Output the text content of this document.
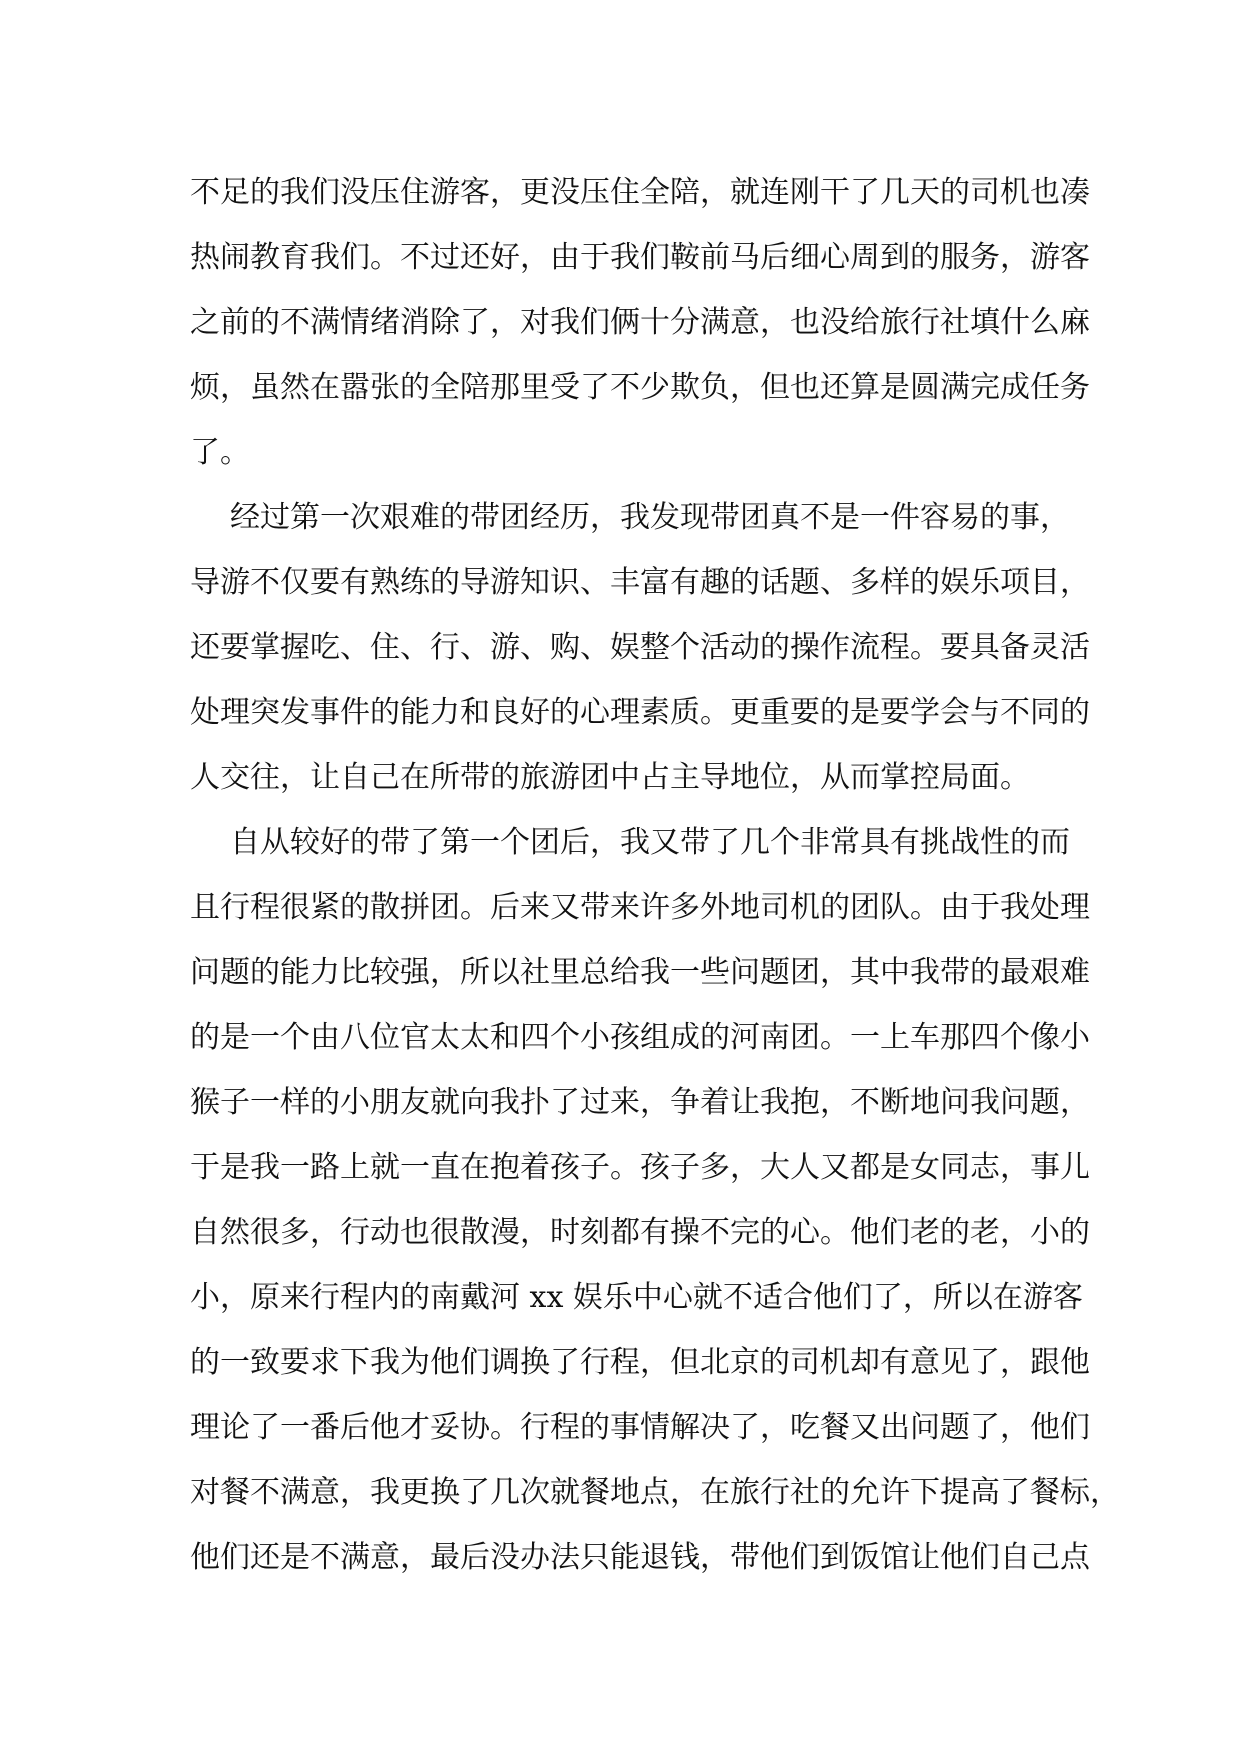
不足的我们没压住游客，更没压住全陪，就连刚干了几天的司机也凑
热闹教育我们。不过还好，由于我们鞍前马后细心周到的服务，游客
之前的不满情绪消除了，对我们俩十分满意，也没给旅行社填什么麻
烦，虽然在嚣张的全陪那里受了不少欺负，但也还算是圆满完成任务
了。
经过第一次艰难的带团经历，我发现带团真不是一件容易的事，
导游不仅要有熟练的导游知识、丰富有趣的话题、多样的娱乐项目，
还要掌握吃、住、行、游、购、娱整个活动的操作流程。要具备灵活
处理突发事件的能力和良好的心理素质。更重要的是要学会与不同的
人交往，让自己在所带的旅游团中占主导地位，从而掌控局面。
自从较好的带了第一个团后，我又带了几个非常具有挑战性的而
且行程很紧的散拼团。后来又带来许多外地司机的团队。由于我处理
问题的能力比较强，所以社里总给我一些问题团，其中我带的最艰难
的是一个由八位官太太和四个小孩组成的河南团。一上车那四个像小
猴子一样的小朋友就向我扑了过来，争着让我抱，不断地问我问题，
于是我一路上就一直在抱着孩子。孩子多，大人又都是女同志，事儿
自然很多，行动也很散漫，时刻都有操不完的心。他们老的老，小的
小，原来行程内的南戴河 xx 娱乐中心就不适合他们了，所以在游客
的一致要求下我为他们调换了行程，但北京的司机却有意见了，跟他
理论了一番后他才妥协。行程的事情解决了，吃餐又出问题了，他们
对餐不满意，我更换了几次就餐地点，在旅行社的允许下提高了餐标，
他们还是不满意，最后没办法只能退钱，带他们到饭馆让他们自己点
